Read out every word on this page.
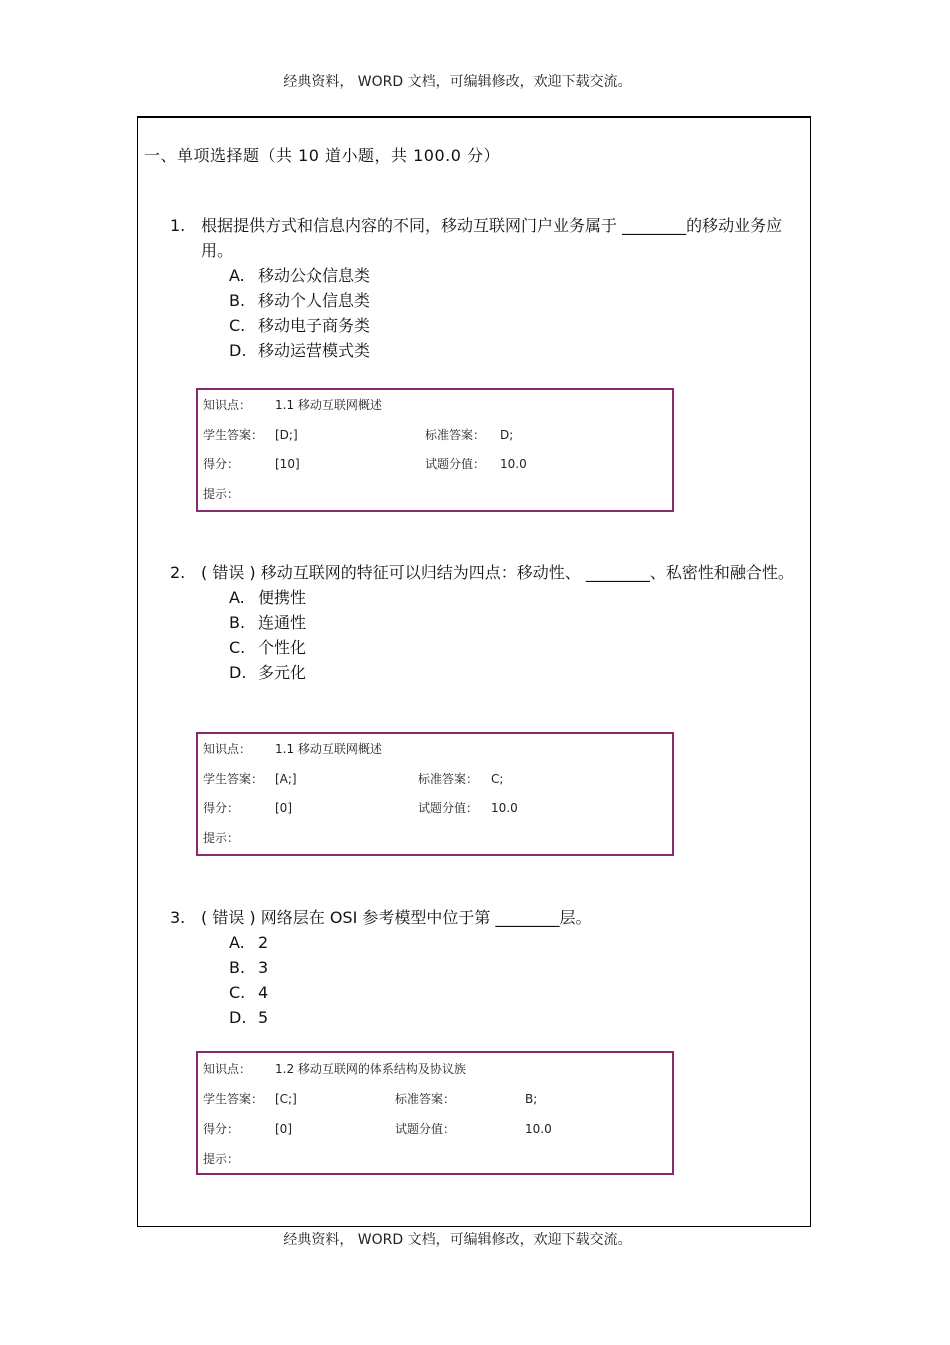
经典资料， WORD 文档，可编辑修改，欢迎下载交流。
一、单项选择题（共 10 道小题，共 100.0 分）
1. 根据提供方式和信息内容的不同，移动互联网门户业务属于 ________的移动业务应用。
A. 移动公众信息类
B. 移动个人信息类
C. 移动电子商务类
D. 移动运营模式类
知识点： 1.1 移动互联网概述
学生答案： [D;]	标准答案： D;
得分：	[10]	试题分值： 10.0
提示：
2. ( 错误 ) 移动互联网的特征可以归结为四点：移动性、 ________、私密性和融合性。
A. 便携性
B. 连通性
C. 个性化
D. 多元化
知识点： 1.1 移动互联网概述
学生答案： [A;]	标准答案： C;
得分：	[0]	试题分值： 10.0
提示：
3. ( 错误 ) 网络层在 OSI 参考模型中位于第 ________层。
A. 2
B. 3
C. 4
D. 5
知识点： 1.2 移动互联网的体系结构及协议族
学生答案： [C;]	标准答案：	B;
得分：	[0]	试题分值：	10.0
提示：
经典资料， WORD 文档，可编辑修改，欢迎下载交流。
